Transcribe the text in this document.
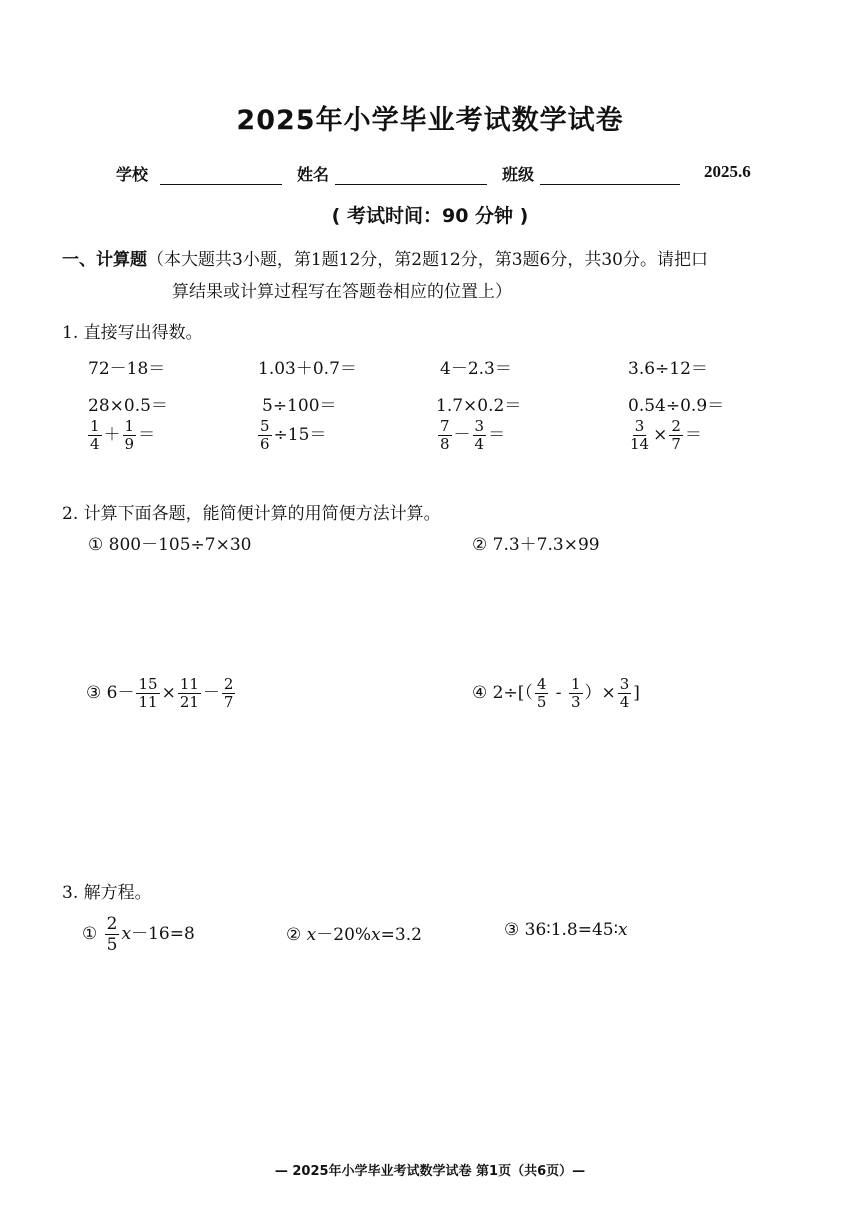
2025年小学毕业考试数学试卷
学校	姓名	班级	2025.6
( 考试时间：90 分钟 )
一、计算题（本大题共3小题，第1题12分，第2题12分，第3题6分，共30分。请把口
算结果或计算过程写在答题卷相应的位置上）
1. 直接写出得数。
72－18＝	1.03＋0.7＝	4－2.3＝	3.6÷12＝
28×0.5＝	5÷100＝	1.7×0.2＝	0.54÷0.9＝
$\frac{1}{4} + \frac{1}{9}$ ＝	$\frac{5}{6} \div 15=$	$\frac{7}{8} - \frac{3}{4}$ ＝	$\frac{3}{14} \times \frac{2}{7}$ ＝
2. 计算下面各题，能简便计算的用简便方法计算。
① 800－105÷7×30	② 7.3＋7.3×99
③ $6- \frac{15}{11} \times \frac{11}{21} - \frac{2}{7}$	④ $2\div[( \frac{4}{5} - \frac{1}{3}$ ）× $\frac{3}{4}$ ]
3. 解方程。
① $\frac{2}{5} x-16=8$	② x－20%x=3.2	③ 36∶1.8=45∶x
— 2025年小学毕业考试数学试卷 第1页（共6页）—
